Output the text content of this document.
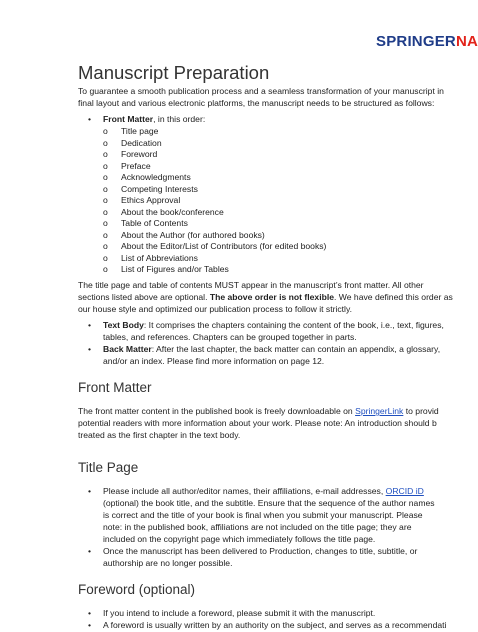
SPRINGERNA
Manuscript Preparation
To guarantee a smooth publication process and a seamless transformation of your manuscript in
final layout and various electronic platforms, the manuscript needs to be structured as follows:
• Front Matter, in this order:
o Title page
o Dedication
o Foreword
o Preface
o Acknowledgments
o Competing Interests
o Ethics Approval
o About the book/conference
o Table of Contents
o About the Author (for authored books)
o About the Editor/List of Contributors (for edited books)
o List of Abbreviations
o List of Figures and/or Tables
The title page and table of contents MUST appear in the manuscript’s front matter. All other
sections listed above are optional. The above order is not flexible. We have defined this order as
our house style and optimized our publication process to follow it strictly.
• Text Body: It comprises the chapters containing the content of the book, i.e., text, figures,
tables, and references. Chapters can be grouped together in parts.
• Back Matter: After the last chapter, the back matter can contain an appendix, a glossary,
and/or an index. Please find more information on page 12.
Front Matter
The front matter content in the published book is freely downloadable on SpringerLink to provid
potential readers with more information about your work. Please note: An introduction should b
treated as the first chapter in the text body.
Title Page
• Please include all author/editor names, their affiliations, e-mail addresses, ORCID iD
(optional) the book title, and the subtitle. Ensure that the sequence of the author names
is correct and the title of your book is final when you submit your manuscript. Please
note: in the published book, affiliations are not included on the title page; they are
included on the copyright page which immediately follows the title page.
• Once the manuscript has been delivered to Production, changes to title, subtitle, or
authorship are no longer possible.
Foreword (optional)
• If you intend to include a foreword, please submit it with the manuscript.
• A foreword is usually written by an authority on the subject, and serves as a recommendati
